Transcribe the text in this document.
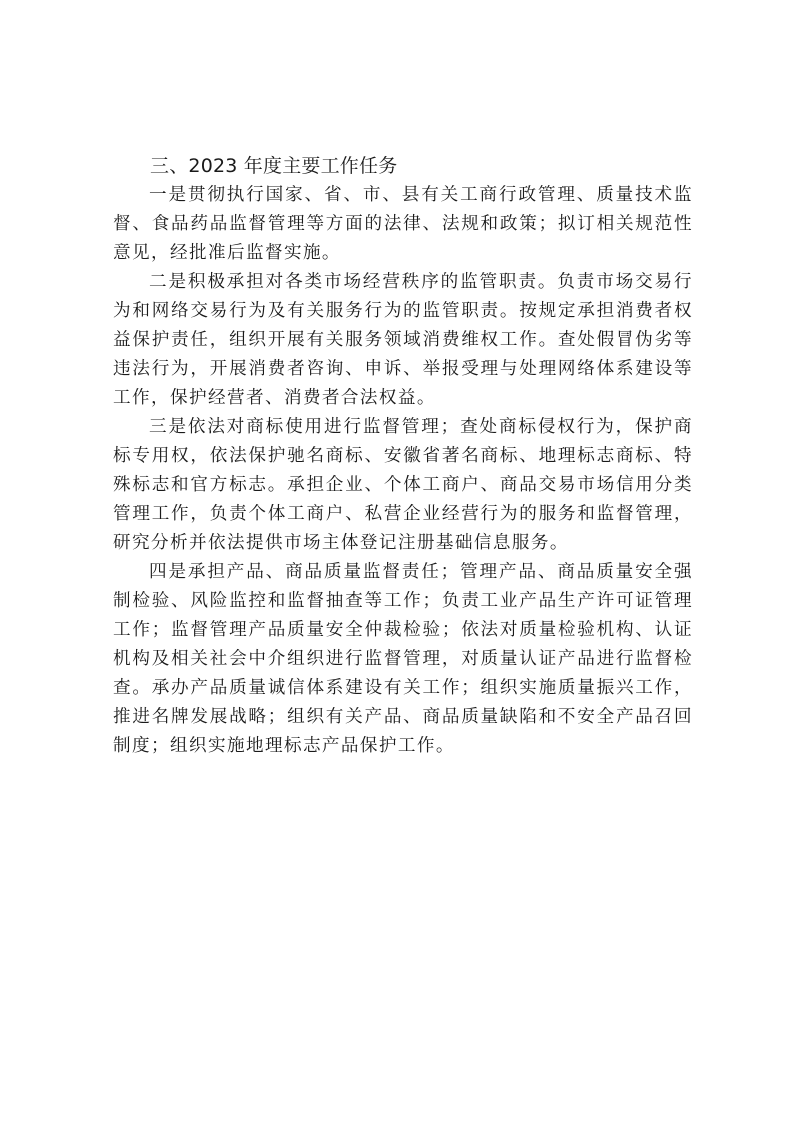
三、2023 年度主要工作任务

一是贯彻执行国家、省、市、县有关工商行政管理、质量技术监督、食品药品监督管理等方面的法律、法规和政策；拟订相关规范性意见，经批准后监督实施。

二是积极承担对各类市场经营秩序的监管职责。负责市场交易行为和网络交易行为及有关服务行为的监管职责。按规定承担消费者权益保护责任，组织开展有关服务领域消费维权工作。查处假冒伪劣等违法行为，开展消费者咨询、申诉、举报受理与处理网络体系建设等工作，保护经营者、消费者合法权益。

三是依法对商标使用进行监督管理；查处商标侵权行为，保护商标专用权，依法保护驰名商标、安徽省著名商标、地理标志商标、特殊标志和官方标志。承担企业、个体工商户、商品交易市场信用分类管理工作，负责个体工商户、私营企业经营行为的服务和监督管理，研究分析并依法提供市场主体登记注册基础信息服务。

四是承担产品、商品质量监督责任；管理产品、商品质量安全强制检验、风险监控和监督抽查等工作；负责工业产品生产许可证管理工作；监督管理产品质量安全仲裁检验；依法对质量检验机构、认证机构及相关社会中介组织进行监督管理，对质量认证产品进行监督检查。承办产品质量诚信体系建设有关工作；组织实施质量振兴工作，推进名牌发展战略；组织有关产品、商品质量缺陷和不安全产品召回制度；组织实施地理标志产品保护工作。
